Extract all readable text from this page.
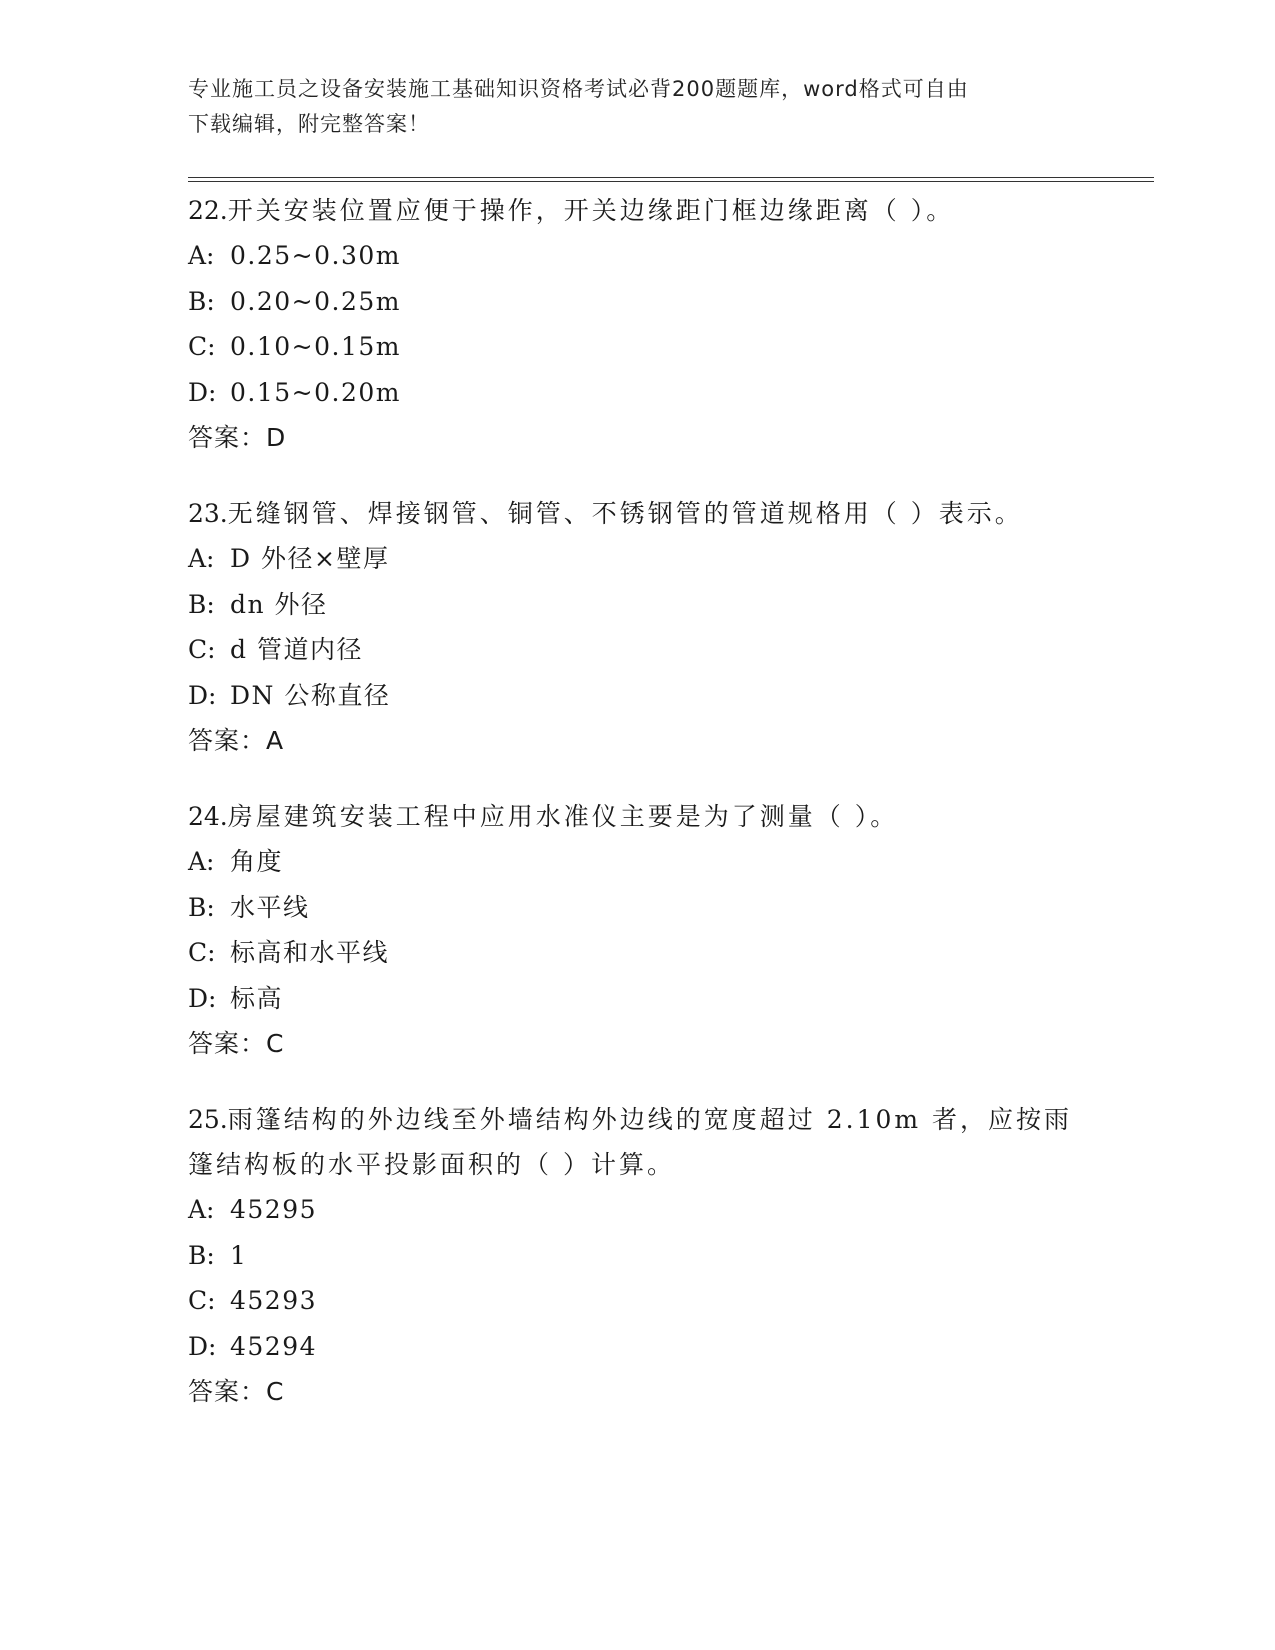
专业施工员之设备安装施工基础知识资格考试必背200题题库，word格式可自由
下载编辑，附完整答案！

22.开关安装位置应便于操作，开关边缘距门框边缘距离（ ）。

A: 0.25~0.30m

B: 0.20~0.25m

C: 0.10~0.15m

D: 0.15~0.20m

答案：D

23.无缝钢管、焊接钢管、铜管、不锈钢管的管道规格用（ ）表示。

A: D 外径×壁厚

B: dn 外径

C: d 管道内径

D: DN 公称直径

答案：A

24.房屋建筑安装工程中应用水准仪主要是为了测量（ ）。

A: 角度

B: 水平线

C: 标高和水平线

D: 标高

答案：C

25.雨篷结构的外边线至外墙结构外边线的宽度超过 2.10m 者，应按雨

篷结构板的水平投影面积的（ ）计算。

A: 45295

B: 1

C: 45293

D: 45294

答案：C
